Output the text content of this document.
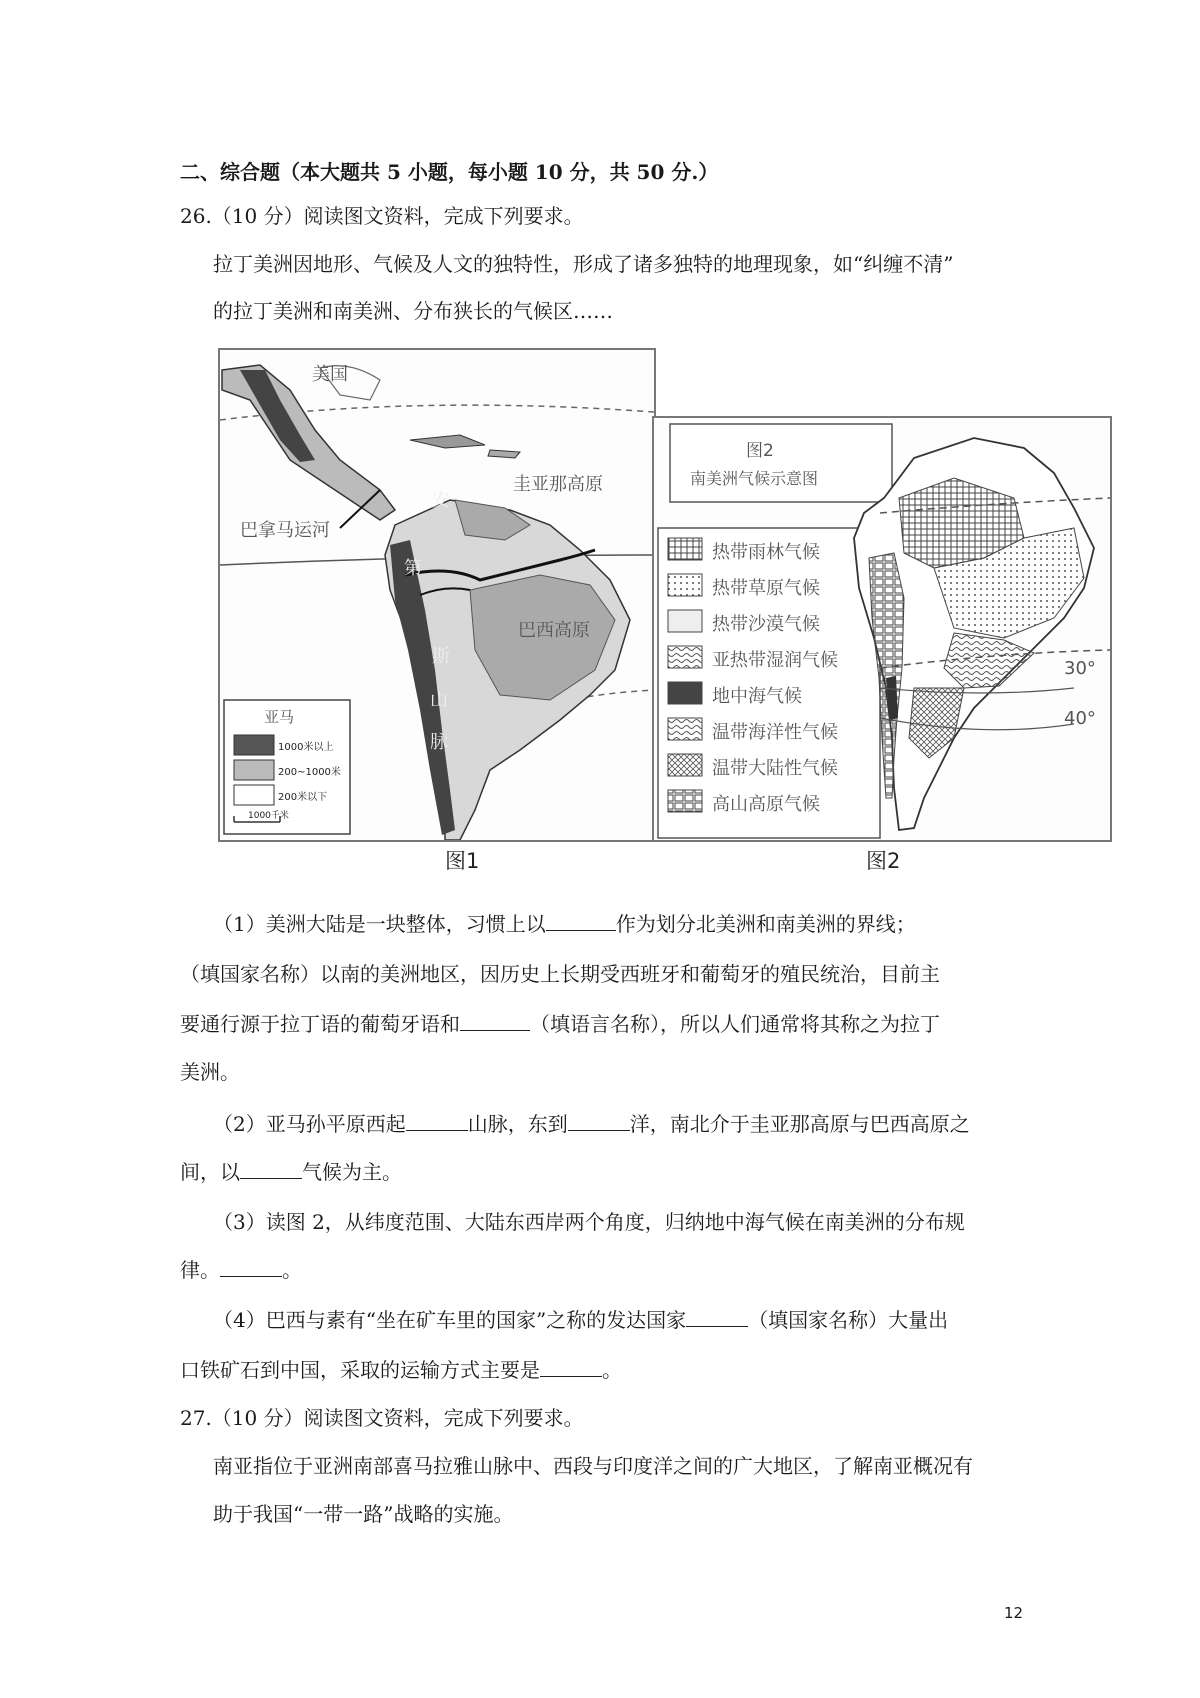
二、综合题（本大题共 5 小题，每小题 10 分，共 50 分.）
26.（10 分）阅读图文资料，完成下列要求。
拉丁美洲因地形、气候及人文的独特性，形成了诸多独特的地理现象，如“纠缠不清”
的拉丁美洲和南美洲、分布狭长的气候区……
美国
圭亚那高原
巴拿马运河
巴西高原
安
第
斯
山
脉
亚马
1000米以上
200~1000米
200米以下
1000千米
图1
图2
南美洲气候示意图
30°
40°
热带雨林气候
热带草原气候
热带沙漠气候
亚热带湿润气候
地中海气候
温带海洋性气候
温带大陆性气候
高山高原气候
图2
（1）美洲大陆是一块整体，习惯上以	作为划分北美洲和南美洲的界线；
（填国家名称）以南的美洲地区，因历史上长期受西班牙和葡萄牙的殖民统治，目前主
要通行源于拉丁语的葡萄牙语和	（填语言名称），所以人们通常将其称之为拉丁
美洲。
（2）亚马孙平原西起	山脉，东到	洋，南北介于圭亚那高原与巴西高原之
间，以	气候为主。
（3）读图 2，从纬度范围、大陆东西岸两个角度，归纳地中海气候在南美洲的分布规
律。	。
（4）巴西与素有“坐在矿车里的国家”之称的发达国家	（填国家名称）大量出
口铁矿石到中国，采取的运输方式主要是	。
27.（10 分）阅读图文资料，完成下列要求。
南亚指位于亚洲南部喜马拉雅山脉中、西段与印度洋之间的广大地区，了解南亚概况有
助于我国“一带一路”战略的实施。
12
